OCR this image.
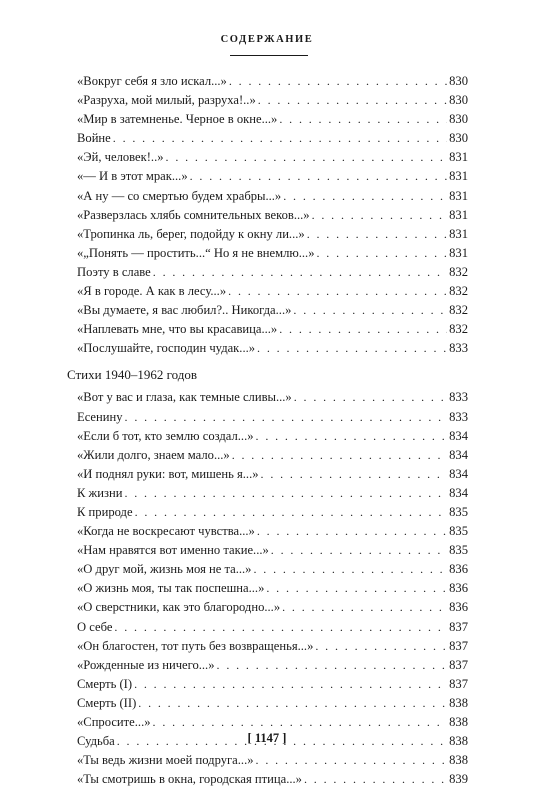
СОДЕРЖАНИЕ
«Вокруг себя я зло искал...» . . .	830
«Разруха, мой милый, разруха!..» . . .	830
«Мир в затемненье. Черное в окне...» . . .	830
Войне . . .	830
«Эй, человек!..» . . .	831
«— И в этот мрак...» . . .	831
«А ну — со смертью будем храбры...» . . .	831
«Разверзлась хлябь сомнительных веков...» . . .	831
«Тропинка ль, берег, подойду к окну ли...» . . .	831
«„Понять — простить...“ Но я не внемлю...» . . .	831
Поэту в славе . . .	832
«Я в городе. А как в лесу...» . . .	832
«Вы думаете, я вас любил?.. Никогда...» . . .	832
«Наплевать мне, что вы красавица...» . . .	832
«Послушайте, господин чудак...» . . .	833
Стихи 1940–1962 годов
«Вот у вас и глаза, как темные сливы...» . . .	833
Есенину . . .	833
«Если б тот, кто землю создал...» . . .	834
«Жили долго, знаем мало...» . . .	834
«И поднял руки: вот, мишень я...» . . .	834
К жизни . . .	834
К природе . . .	835
«Когда не воскресают чувства...» . . .	835
«Нам нравятся вот именно такие...» . . .	835
«О друг мой, жизнь моя не та...» . . .	836
«О жизнь моя, ты так поспешна...» . . .	836
«О сверстники, как это благородно...» . . .	836
О себе . . .	837
«Он благостен, тот путь без возвращенья...» . . .	837
«Рожденные из ничего...» . . .	837
Смерть (I) . . .	837
Смерть (II) . . .	838
«Спросите...» . . .	838
Судьба . . .	838
«Ты ведь жизни моей подруга...» . . .	838
«Ты смотришь в окна, городская птица...» . . .	839
[ 1147 ]
